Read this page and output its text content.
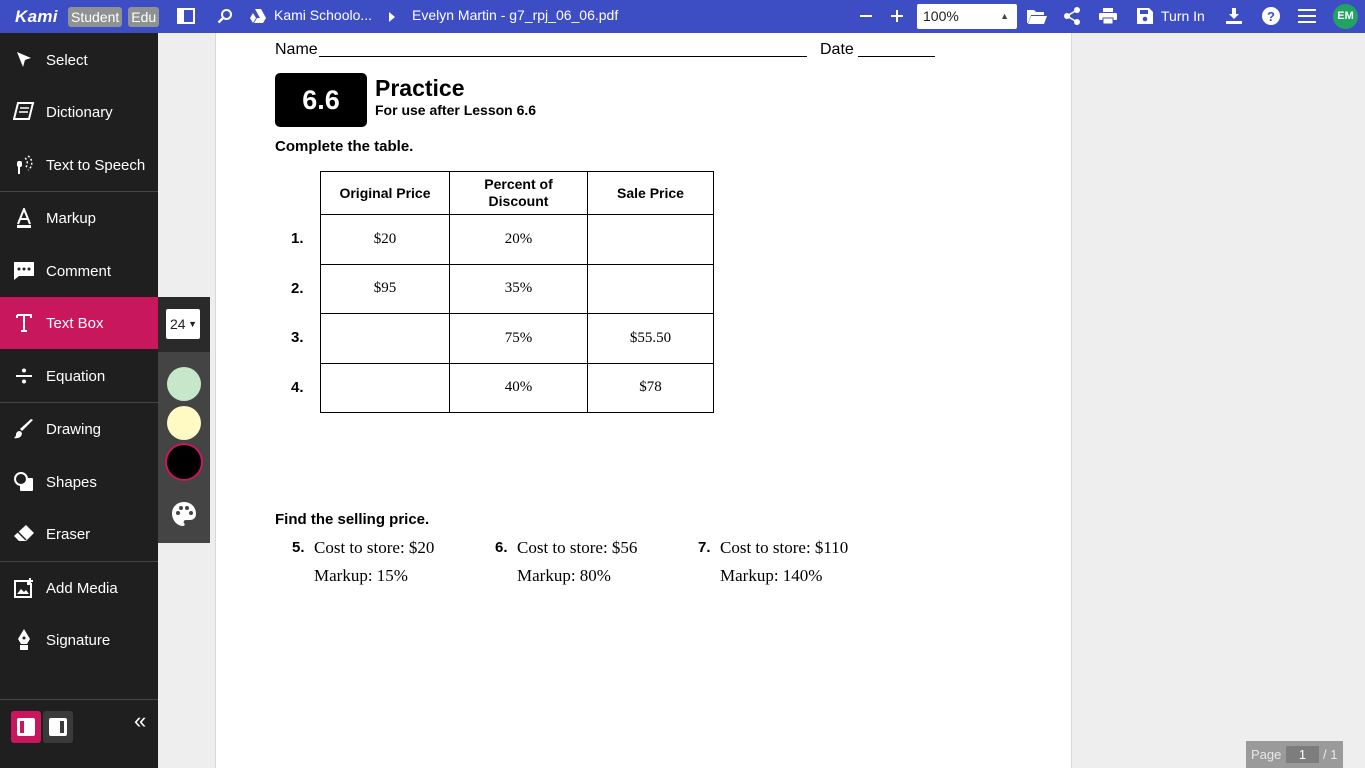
Kami Student Edu	Kami Schoolo...	Evelyn Martin - g7_rpj_06_06.pdf	100%	▲	Turn In	?	EM
Select
Dictionary
Text to Speech
Markup
Comment
Text Box
Equation
Drawing
Shapes
Eraser
Add Media
Signature
«
24 ▼
Name	Date
6.6	Practice
For use after Lesson 6.6
Complete the table.
Original Price	Percent of Discount	Sale Price
$20	20%	
$95	35%	
	75%	$55.50
	40%	$78
1.
2.
3.
4.
Find the selling price.
5. Cost to store: $20
Markup: 15%
6. Cost to store: $56
Markup: 80%
7. Cost to store: $110
Markup: 140%
Page	1	/ 1
